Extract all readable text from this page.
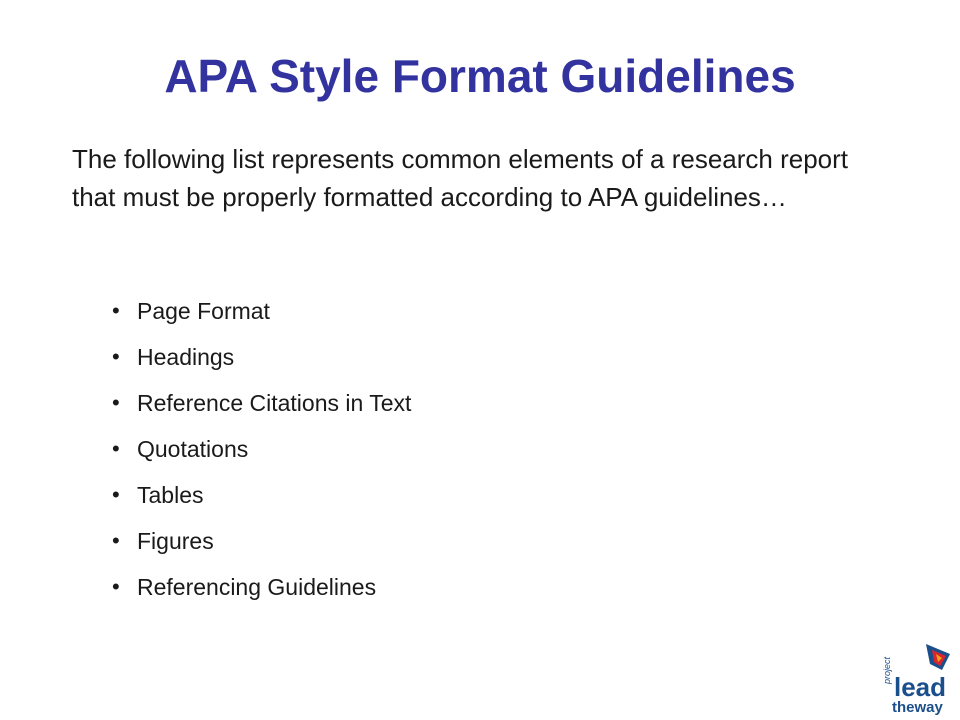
APA Style Format Guidelines

The following list represents common elements of a research report that must be properly formatted according to APA guidelines…

• Page Format
• Headings
• Reference Citations in Text
• Quotations
• Tables
• Figures
• Referencing Guidelines
project
lead
theway
